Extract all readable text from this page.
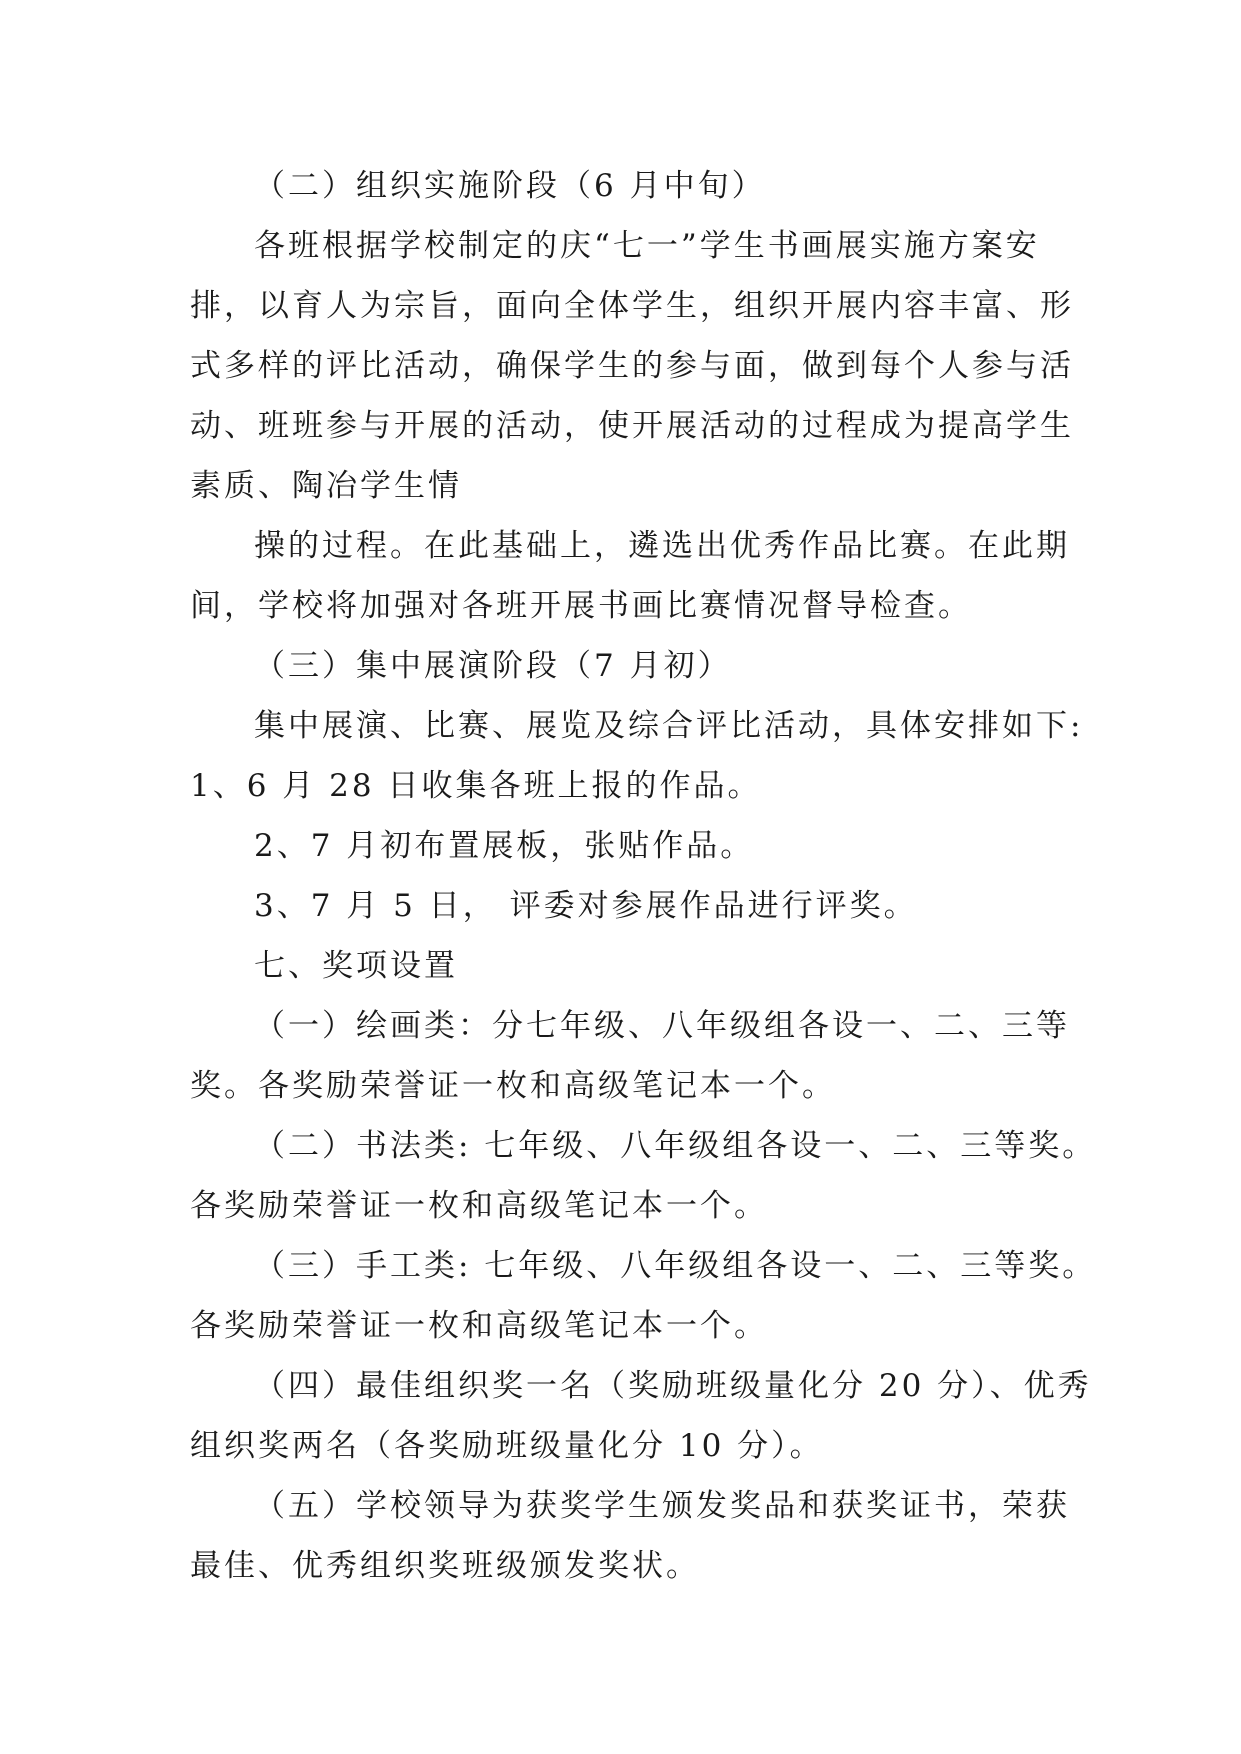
（二）组织实施阶段（6 月中旬）
各班根据学校制定的庆“七一”学生书画展实施方案安
排，以育人为宗旨，面向全体学生，组织开展内容丰富、形
式多样的评比活动，确保学生的参与面，做到每个人参与活
动、班班参与开展的活动，使开展活动的过程成为提高学生
素质、陶冶学生情
操的过程。在此基础上，遴选出优秀作品比赛。在此期
间，学校将加强对各班开展书画比赛情况督导检查。
（三）集中展演阶段（7 月初）
集中展演、比赛、展览及综合评比活动，具体安排如下:
1、6 月 28 日收集各班上报的作品。
2、7 月初布置展板，张贴作品。
3、7 月 5 日， 评委对参展作品进行评奖。
七、奖项设置
（一）绘画类：分七年级、八年级组各设一、二、三等
奖。各奖励荣誉证一枚和高级笔记本一个。
（二）书法类: 七年级、八年级组各设一、二、三等奖。
各奖励荣誉证一枚和高级笔记本一个。
（三）手工类: 七年级、八年级组各设一、二、三等奖。
各奖励荣誉证一枚和高级笔记本一个。
（四）最佳组织奖一名（奖励班级量化分 20 分）、优秀
组织奖两名（各奖励班级量化分 10 分）。
（五）学校领导为获奖学生颁发奖品和获奖证书，荣获
最佳、优秀组织奖班级颁发奖状。
